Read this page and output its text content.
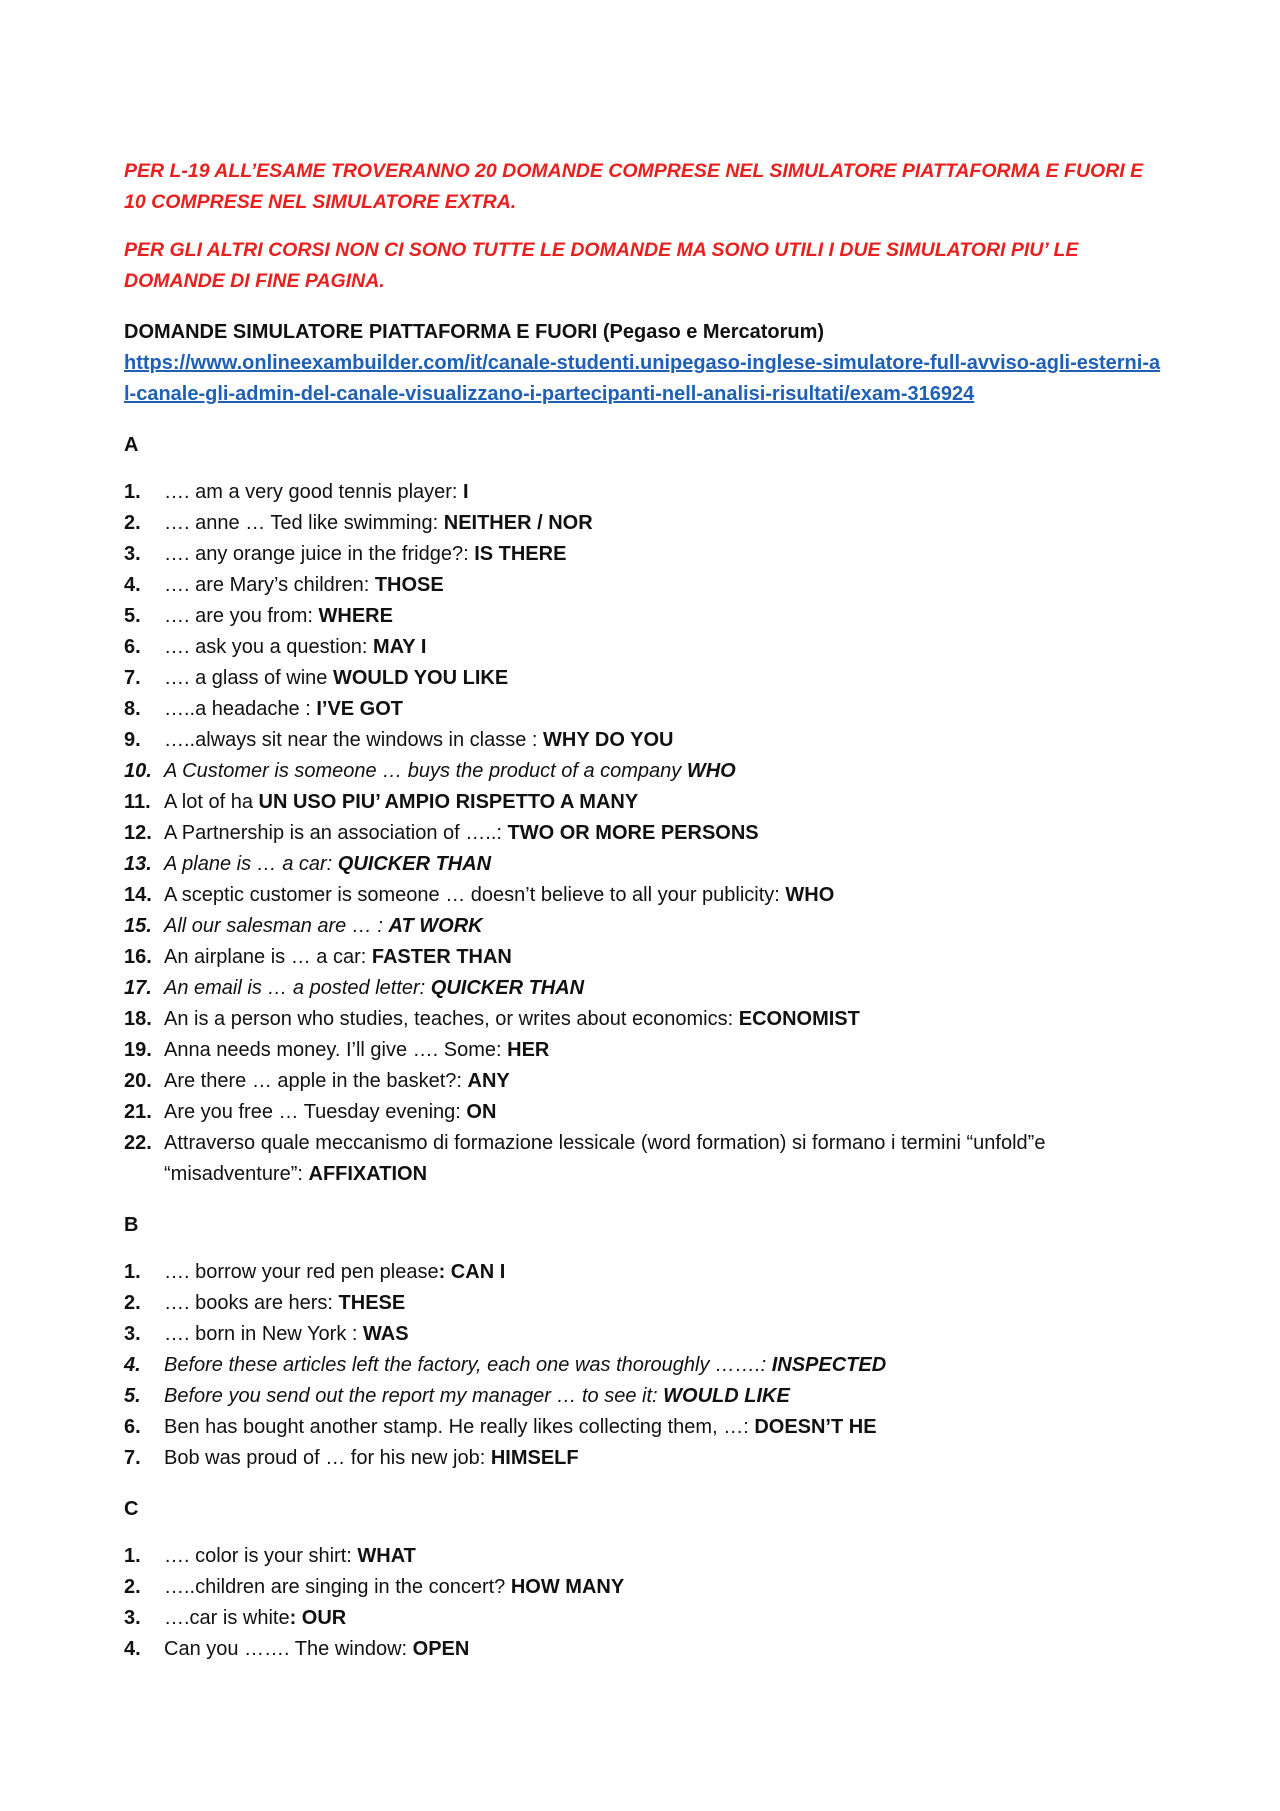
PER L-19 ALL’ESAME TROVERANNO 20 DOMANDE COMPRESE NEL SIMULATORE PIATTAFORMA E FUORI E 10 COMPRESE NEL SIMULATORE EXTRA.

PER GLI ALTRI CORSI NON CI SONO TUTTE LE DOMANDE MA SONO UTILI I DUE SIMULATORI PIU’ LE DOMANDE DI FINE PAGINA.

DOMANDE SIMULATORE PIATTAFORMA E FUORI (Pegaso e Mercatorum)

https://www.onlineexambuilder.com/it/canale-studenti.unipegaso-inglese-simulatore-full-avviso-agli-esterni-al-canale-gli-admin-del-canale-visualizzano-i-partecipanti-nell-analisi-risultati/exam-316924
A
1. …. am a very good tennis player: I
2. …. anne … Ted like swimming: NEITHER / NOR
3. …. any orange juice in the fridge?: IS THERE
4. …. are Mary’s children: THOSE
5. …. are you from: WHERE
6. …. ask you a question: MAY I
7. …. a glass of wine WOULD YOU LIKE
8. …..a headache : I’VE GOT
9. …..always sit near the windows in classe : WHY DO YOU
10. A Customer is someone … buys the product of a company WHO
11. A lot of ha UN USO PIU’ AMPIO RISPETTO A MANY
12. A Partnership is an association of …..: TWO OR MORE PERSONS
13. A plane is … a car: QUICKER THAN
14. A sceptic customer is someone … doesn’t believe to all your publicity: WHO
15. All our salesman are … : AT WORK
16. An airplane is … a car: FASTER THAN
17. An email is … a posted letter: QUICKER THAN
18. An is a person who studies, teaches, or writes about economics: ECONOMIST
19. Anna needs money. I’ll give …. Some: HER
20. Are there … apple in the basket?: ANY
21. Are you free … Tuesday evening: ON
22. Attraverso quale meccanismo di formazione lessicale (word formation) si formano i termini “unfold”e “misadventure”: AFFIXATION
B
1. …. borrow your red pen please: CAN I
2. …. books are hers: THESE
3. …. born in New York : WAS
4. Before these articles left the factory, each one was thoroughly …….: INSPECTED
5. Before you send out the report my manager … to see it: WOULD LIKE
6. Ben has bought another stamp. He really likes collecting them, …: DOESN’T HE
7. Bob was proud of … for his new job: HIMSELF
C
1. …. color is your shirt: WHAT
2. …..children are singing in the concert? HOW MANY
3. ….car is white: OUR
4. Can you ……. The window: OPEN
